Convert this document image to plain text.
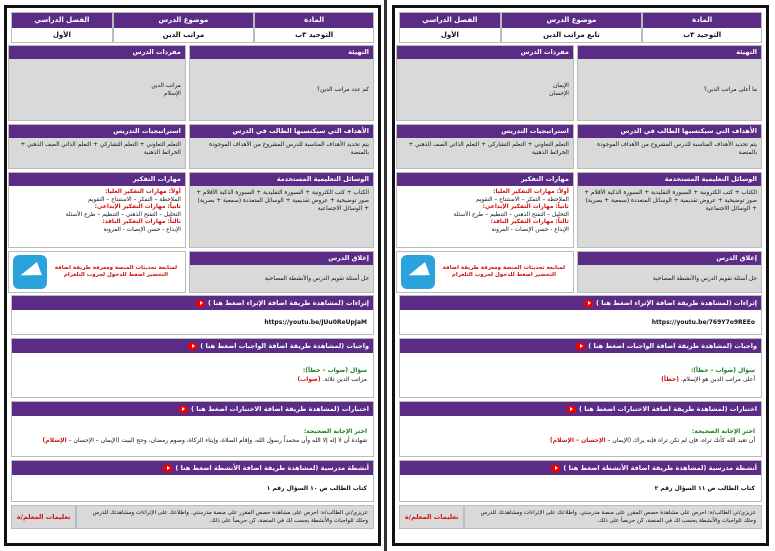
المادة
التوحيد ٣ب
موضوع الدرس
مراتب الدين
الفصل الدراسي
الأول
التهيئة
كم عدد مراتب الدين؟
مفردات الدرس
مراتب الدين
الإسلام
الأهداف التي سيكتسبها الطالب في الدرس
يتم تحديد الأهداف المناسبة للدرس المشروح من الأهداف الموجودة بالمنصة
استراتيجيات التدريس
التعلم التعاوني + التعلم التشاركي + التعلم الذاتي الصف الذهني + الخرائط الذهنية
الوسائل التعليمية المستخدمة
الكتاب + كتب الكترونية + السبورة التقليدية + السبورة الذكية الأقلام + صور توضيحية + عروض تقديمية + الوسائل المتعددة (سمعية + بصرية) + الوسائل الاجتماعية
إغلاق الدرس
حل أسئلة تقويم الدرس والأنشطة المصاحبة
مهارات التفكير
أولاً: مهارات التفكير العليا:
الملاحظة – التفكر – الاستنتاج – التقويم
ثانياً: مهارات التفكير الإبداعي:
التحليل – التفتح الذهني – التنظيم – طرح الأسئلة
ثالثاً: مهارات التفكير الناقد:
الإبداع - حسن الإنصات - المرونة
لمتابعة تحديثات المنصة ومعرفة طريقة اضافة التحضير اضغط للدخول لجروب التلغرام
إثراءات (لمشاهدة طريقة اضافة الإثراء اضغط هنا )
https://youtu.be/JUu0ReUpJaM
واجبات (لمشاهدة طريقة اضافة الواجبات اضغط هنا )
سؤال (صواب – خطأ):
مراتب الدين ثلاثة. (صواب)
اختبارات (لمشاهدة طريقة اضافة الاختبارات اضغط هنا )
اختر الإجابة الصحيحة:
شهادة أن لا إله إلا الله وأن محمداً رسول الله، وإقام الصلاة، وإيتاء الزكاة، وصوم رمضان، وحج البيت (الإيمان – الإحسان – الإسلام)
أنشطة مدرسية (لمشاهدة طريقة اضافة الأنشطة اضغط هنا )
كتاب الطالب ص ١٠ السؤال رقم ١
عزيزي/تي الطالب/ة: احرص على مشاهدة حصص المقرر على منصة مدرستي. واطلاعك على الإثراءات ومشاهدتك للدرس وحلك للواجبات والأنشطة يحسب لك في المنصة، كن حريصاً على ذلك.
تعليمات المعلم/ة
المادة
التوحيد ٣ب
موضوع الدرس
تابع مراتب الدين
الفصل الدراسي
الأول
التهيئة
ما أعلى مراتب الدين؟
مفردات الدرس
الإيمان
الإحسان
الأهداف التي سيكتسبها الطالب في الدرس
يتم تحديد الأهداف المناسبة للدرس المشروح من الأهداف الموجودة بالمنصة
استراتيجيات التدريس
التعلم التعاوني + التعلم التشاركي + التعلم الذاتي الصف الذهني + الخرائط الذهنية
الوسائل التعليمية المستخدمة
الكتاب + كتب الكترونية + السبورة التقليدية + السبورة الذكية الأقلام + صور توضيحية + عروض تقديمية + الوسائل المتعددة (سمعية + بصرية) + الوسائل الاجتماعية
إغلاق الدرس
حل أسئلة تقويم الدرس والأنشطة المصاحبة
مهارات التفكير
أولاً: مهارات التفكير العليا:
الملاحظة – التفكر – الاستنتاج – التقويم
ثانياً: مهارات التفكير الإبداعي:
التحليل – التفتح الذهني – التنظيم – طرح الأسئلة
ثالثاً: مهارات التفكير الناقد:
الإبداع - حسن الإنصات - المرونة
لمتابعة تحديثات المنصة ومعرفة طريقة اضافة التحضير اضغط للدخول لجروب التلغرام
إثراءات (لمشاهدة طريقة اضافة الإثراء اضغط هنا )
https://youtu.be/769Y7o9REEo
واجبات (لمشاهدة طريقة اضافة الواجبات اضغط هنا )
سؤال (صواب – خطأ):
أعلى مراتب الدين هو الإسلام. (خطأ)
اختبارات (لمشاهدة طريقة اضافة الاختبارات اضغط هنا )
اختر الإجابة الصحيحة:
أن تعبد الله كأنك تراه، فإن لم تكن تراه فإنه يراك (الإيمان – الإحسان – الإسلام)
أنشطة مدرسية (لمشاهدة طريقة اضافة الأنشطة اضغط هنا )
كتاب الطالب ص ١١ السؤال رقم ٢
عزيزي/تي الطالب/ة: احرص على مشاهدة حصص المقرر على منصة مدرستي. واطلاعك على الإثراءات ومشاهدتك للدرس وحلك للواجبات والأنشطة يحسب لك في المنصة، كن حريصاً على ذلك.
تعليمات المعلم/ة
